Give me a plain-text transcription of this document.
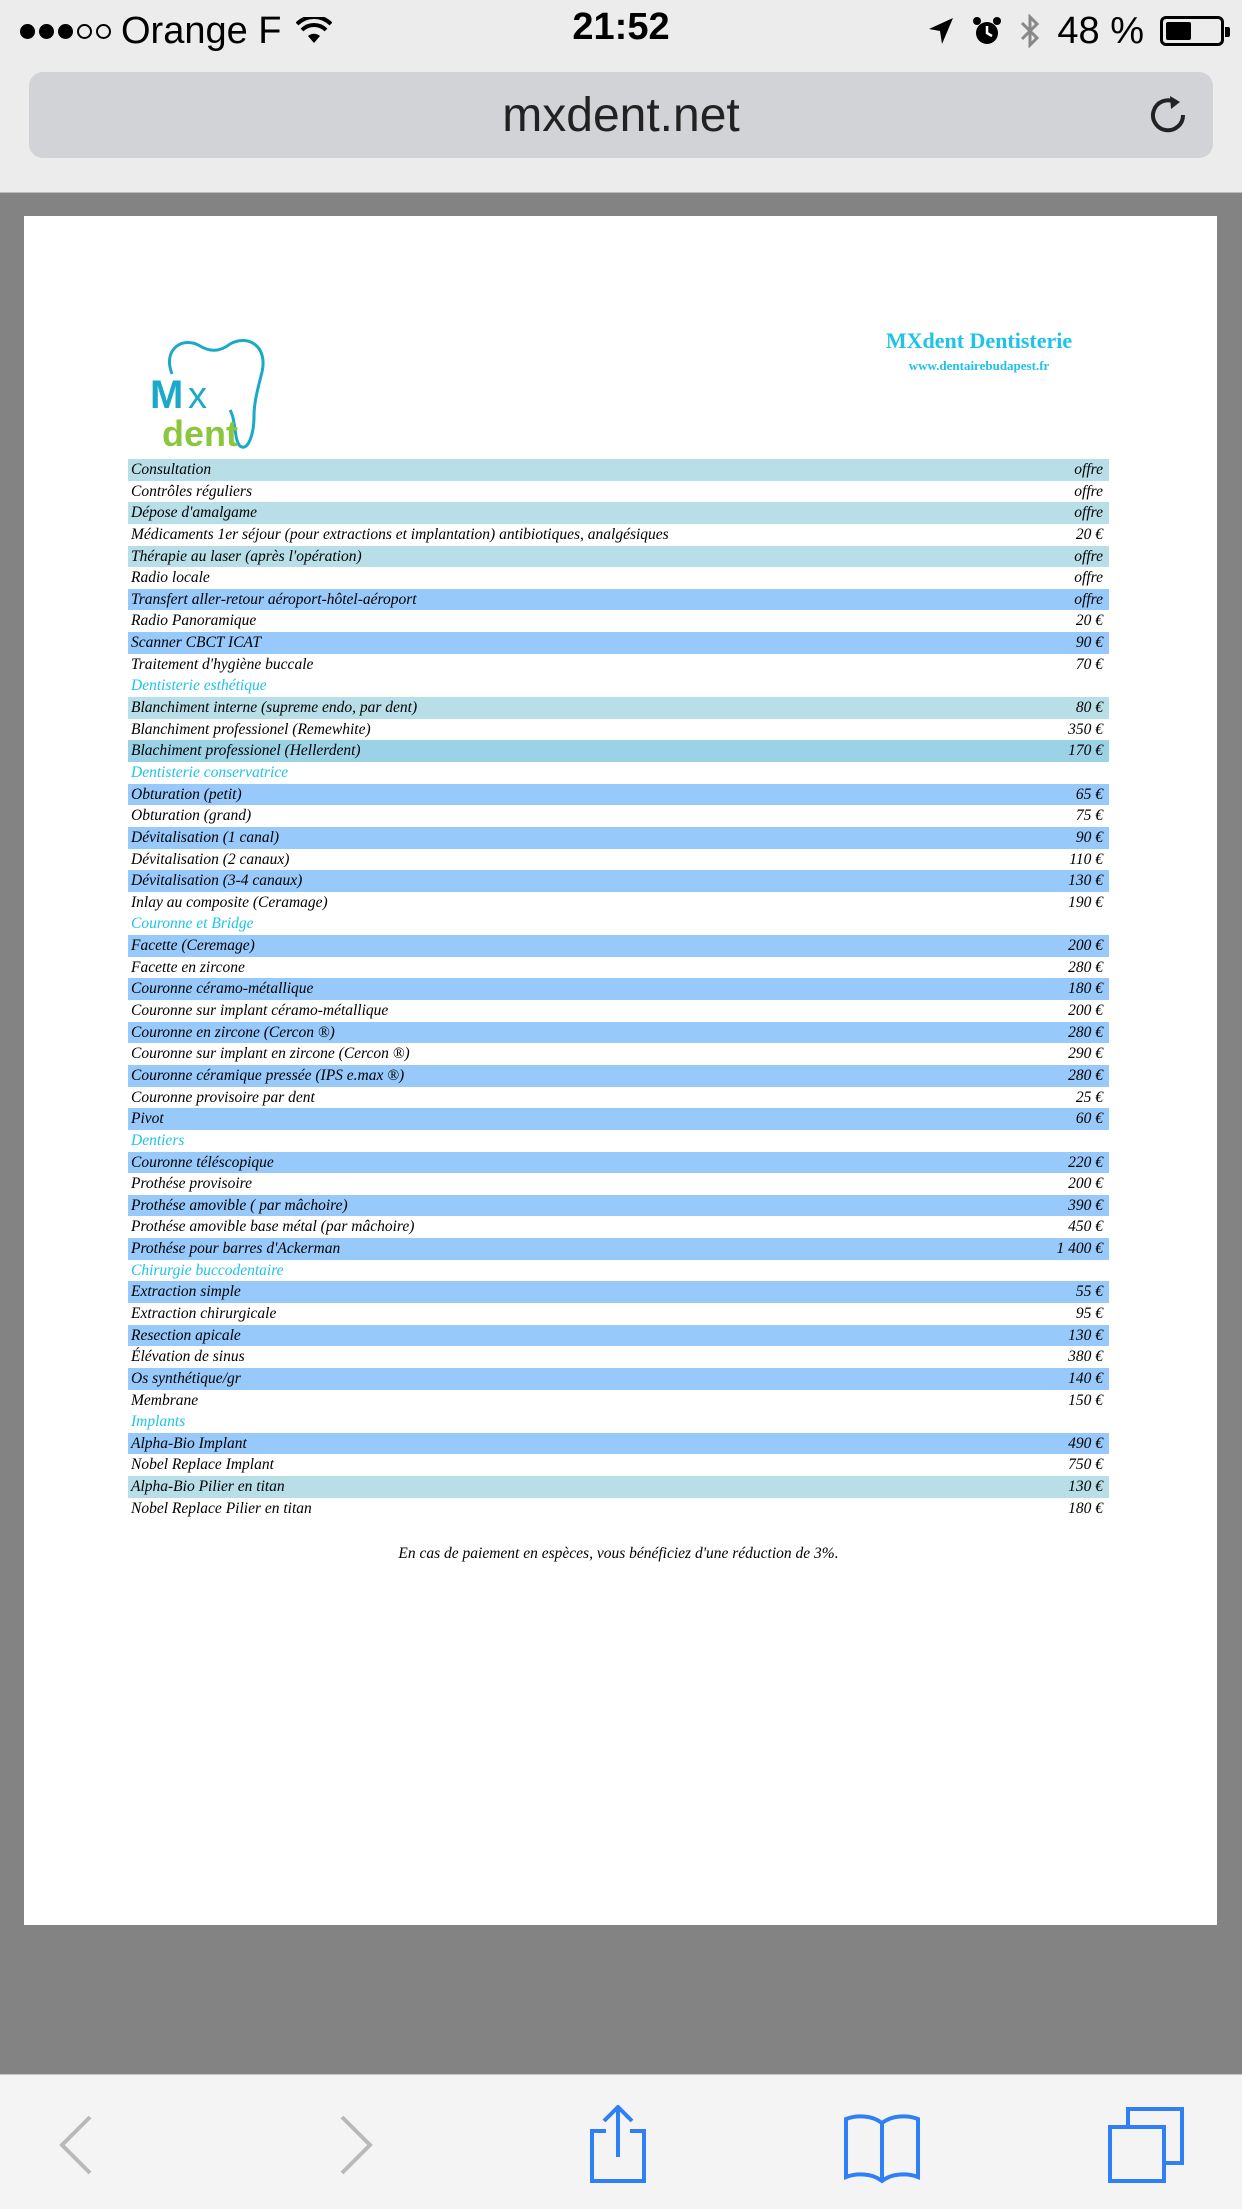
Orange F	21:52	48 %
mxdent.net
M x
dent
MXdent Dentisterie
www.dentairebudapest.fr
Consultation	offre
Contrôles réguliers	offre
Dépose d'amalgame	offre
Médicaments 1er séjour (pour extractions et implantation) antibiotiques, analgésiques	20 €
Thérapie au laser (après l'opération)	offre
Radio locale	offre
Transfert aller-retour aéroport-hôtel-aéroport	offre
Radio Panoramique	20 €
Scanner CBCT ICAT	90 €
Traitement d'hygiène buccale	70 €
Dentisterie esthétique
Blanchiment interne (supreme endo, par dent)	80 €
Blanchiment professionel (Remewhite)	350 €
Blachiment professionel (Hellerdent)	170 €
Dentisterie conservatrice
Obturation (petit)	65 €
Obturation (grand)	75 €
Dévitalisation (1 canal)	90 €
Dévitalisation (2 canaux)	110 €
Dévitalisation (3-4 canaux)	130 €
Inlay au composite (Ceramage)	190 €
Couronne et Bridge
Facette (Ceremage)	200 €
Facette en zircone	280 €
Couronne céramo-métallique	180 €
Couronne sur implant céramo-métallique	200 €
Couronne en zircone (Cercon ®)	280 €
Couronne sur implant en zircone (Cercon ®)	290 €
Couronne céramique pressée (IPS e.max ®)	280 €
Couronne provisoire par dent	25 €
Pivot	60 €
Dentiers
Couronne téléscopique	220 €
Prothése provisoire	200 €
Prothése amovible ( par mâchoire)	390 €
Prothése amovible base métal (par mâchoire)	450 €
Prothése pour barres d'Ackerman	1 400 €
Chirurgie buccodentaire
Extraction simple	55 €
Extraction chirurgicale	95 €
Resection apicale	130 €
Élévation de sinus	380 €
Os synthétique/gr	140 €
Membrane	150 €
Implants
Alpha-Bio Implant	490 €
Nobel Replace Implant	750 €
Alpha-Bio Pilier en titan	130 €
Nobel Replace Pilier en titan	180 €
En cas de paiement en espèces, vous bénéficiez d'une réduction de 3%.
